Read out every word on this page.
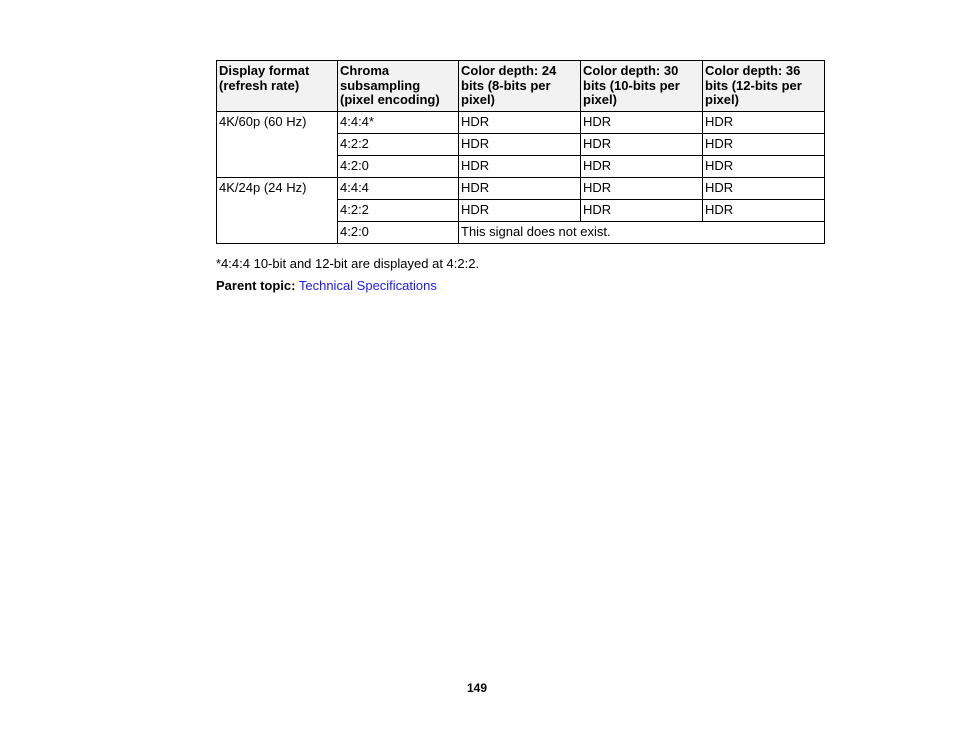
Display format (refresh rate)	Chroma subsampling (pixel encoding)	Color depth: 24 bits (8-bits per pixel)	Color depth: 30 bits (10-bits per pixel)	Color depth: 36 bits (12-bits per pixel)
4K/60p (60 Hz)	4:4:4*	HDR	HDR	HDR
	4:2:2	HDR	HDR	HDR
	4:2:0	HDR	HDR	HDR
4K/24p (24 Hz)	4:4:4	HDR	HDR	HDR
	4:2:2	HDR	HDR	HDR
	4:2:0	This signal does not exist.		
*4:4:4 10-bit and 12-bit are displayed at 4:2:2.
Parent topic: Technical Specifications
149
